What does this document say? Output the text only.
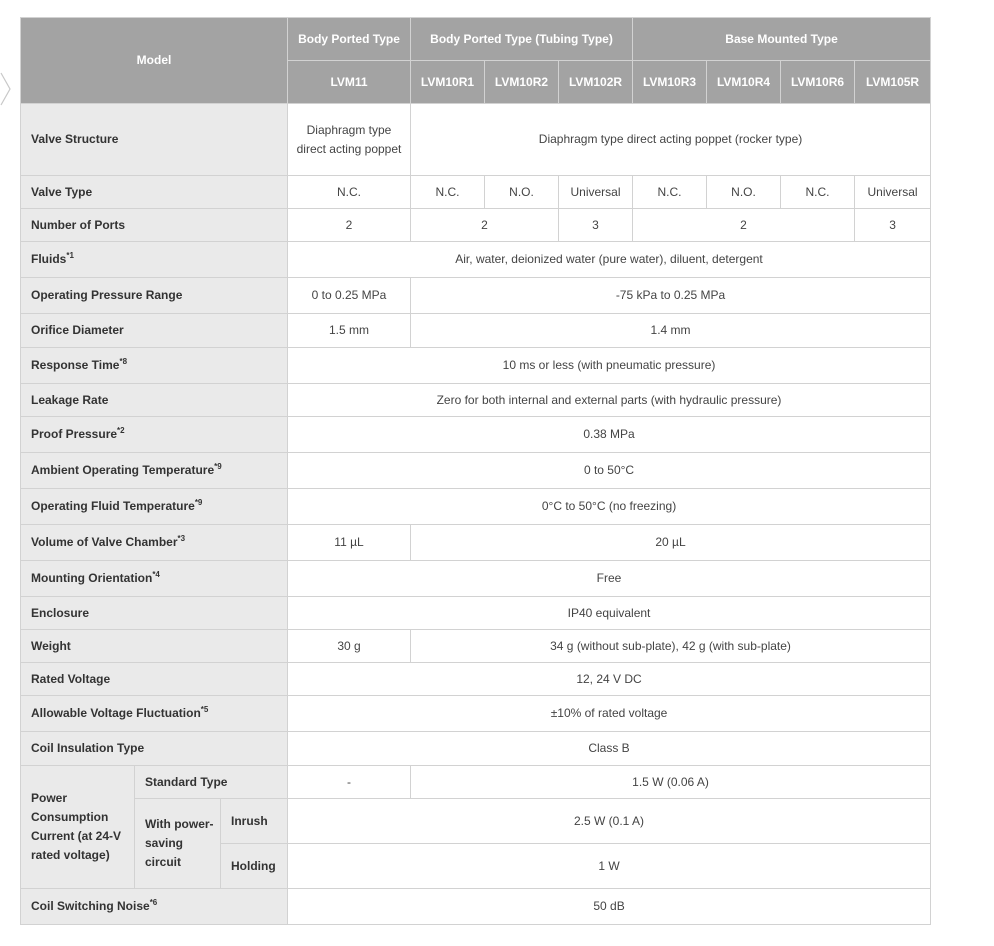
Model			Body Ported Type	Body Ported Type (Tubing Type)			Base Mounted Type			
			LVM11	LVM10R1	LVM10R2	LVM102R	LVM10R3	LVM10R4	LVM10R6	LVM105R
Valve Structure			Diaphragm type direct acting poppet	Diaphragm type direct acting poppet (rocker type)						
Valve Type			N.C.	N.C.	N.O.	Universal	N.C.	N.O.	N.C.	Universal
Number of Ports			2	2		3	2			3
Fluids$^{*1}$			Air, water, deionized water (pure water), diluent, detergent							
Operating Pressure Range			0 to 0.25 MPa	-75 kPa to 0.25 MPa						
Orifice Diameter			1.5 mm	1.4 mm						
Response Time$^{*8}$			10 ms or less (with pneumatic pressure)							
Leakage Rate			Zero for both internal and external parts (with hydraulic pressure)							
Proof Pressure$^{*2}$			0.38 MPa							
Ambient Operating Temperature$^{*9}$			0 to 50°C							
Operating Fluid Temperature$^{*9}$			0°C to 50°C (no freezing)							
Volume of Valve Chamber$^{*3}$			11 µL	20 µL						
Mounting Orientation$^{*4}$			Free							
Enclosure			IP40 equivalent							
Weight			30 g	34 g (without sub-plate), 42 g (with sub-plate)						
Rated Voltage			12, 24 V DC							
Allowable Voltage Fluctuation$^{*5}$			±10% of rated voltage							
Coil Insulation Type			Class B							
Power Consumption Current (at 24-V rated voltage)	Standard Type		-	1.5 W (0.06 A)						
	With power-saving circuit	Inrush	2.5 W (0.1 A)							
		Holding	1 W							
Coil Switching Noise$^{*6}$			50 dB							
